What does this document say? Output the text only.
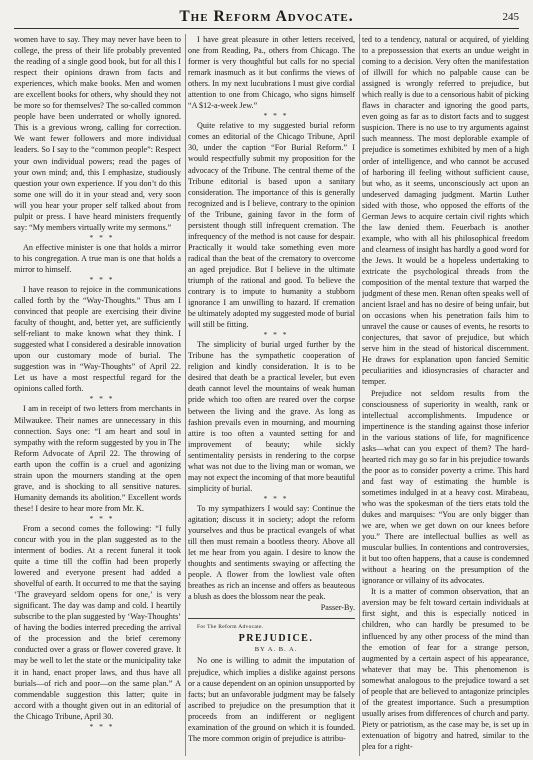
The Reform Advocate.	245

women have to say. They may never have been to college, the press of their life probably prevented the reading of a single good book, but for all this I respect their opinions drawn from facts and experiences, which make books. Men and women are excellent books for others, why should they not be more so for themselves? The so-called common people have been underrated or wholly ignored. This is a grevious wrong, calling for correction. We want fewer followers and more individual leaders. So I say to the “common people”: Respect your own individual powers; read the pages of your own mind; and, this I emphasize, studiously question your own experience. If you don’t do this some one will do it in your stead and, very soon will you hear your proper self talked about from pulpit or press. I have heard ministers frequently say: “My members virtually write my sermons.”

* * *

An effective minister is one that holds a mirror to his congregation. A true man is one that holds a mirror to himself.

* * *

I have reason to rejoice in the communications called forth by the “Way-Thoughts.” Thus am I convinced that people are exercising their divine faculty of thought, and, better yet, are sufficiently self-reliant to make known what they think. I suggested what I considered a desirable innovation upon our customary mode of burial. The suggestion was in “Way-Thoughts” of April 22. Let us have a most respectful regard for the opinions called forth.

* * *

I am in receipt of two letters from merchants in Milwaukee. Their names are unnecessary in this connection. Says one: “I am heart and soul in sympathy with the reform suggested by you in The Reform Advocate of April 22. The throwing of earth upon the coffin is a cruel and agonizing strain upon the mourners standing at the open grave, and is shocking to all sensitive natures. Humanity demands its abolition.” Excellent words these! I desire to hear more from Mr. K.

* * *

From a second comes the following: “I fully concur with you in the plan suggested as to the interment of bodies. At a recent funeral it took quite a time till the coffin had been properly lowered and everyone present had added a shovelful of earth. It occurred to me that the saying ‘The graveyard seldom opens for one,’ is very significant. The day was damp and cold. I heartily subscribe to the plan suggested by ‘Way-Thoughts’ of having the bodies interred preceding the arrival of the procession and the brief ceremony conducted over a grass or flower covered grave. It may be well to let the state or the municipality take it in hand, enact proper laws, and thus have all burials—of rich and poor—on the same plan.” A commendable suggestion this latter; quite in accord with a thought given out in an editorial of the Chicago Tribune, April 30.

* * *

I have great pleasure in other letters received, one from Reading, Pa., others from Chicago. The former is very thoughtful but calls for no special remark inasmuch as it but confirms the views of others. In my next lucubrations I must give cordial attention to one from Chicago, who signs himself “A $12-a-week Jew.”

* * *

Quite relative to my suggested burial reform comes an editorial of the Chicago Tribune, April 30, under the caption “For Burial Reform.” I would respectfully submit my proposition for the advocacy of the Tribune. The central theme of the Tribune editorial is based upon a sanitary consideration. The importance of this is generally recognized and is I believe, contrary to the opinion of the Tribune, gaining favor in the form of persistent though still infrequent cremation. The infrequency of the method is not cause for despair. Practically it would take something even more radical than the beat of the crematory to overcome an aged prejudice. But I believe in the ultimate triumph of the rational and good. To believe the contrary is to impute to humanity a stubborn ignorance I am unwilling to hazard. If cremation be ultimately adopted my suggested mode of burial will still be fitting.

* * *

The simplicity of burial urged further by the Tribune has the sympathetic cooperation of religion and kindly consideration. It is to be desired that death be a practical leveler, but even death cannot level the mountains of weak human pride which too often are reared over the corpse between the living and the grave. As long as fashion prevails even in mourning, and mourning attire is too often a vaunted setting for and improvement of beauty; while sickly sentimentality persists in rendering to the corpse what was not due to the living man or woman, we may not expect the incoming of that more beautiful simplicity of burial.

* * *

To my sympathizers I would say: Continue the agitation; discuss it in society; adopt the reform yourselves and thus be practical evangels of what till then must remain a bootless theory. Above all let me hear from you again. I desire to know the thoughts and sentiments swaying or affecting the people. A flower from the lowliest vale often breathes as rich an incense and offers as beauteous a blush as does the blossom near the peak.

Passer-By.

For The Reform Advocate.

PREJUDICE.

BY A. B. A.

No one is willing to admit the imputation of prejudice, which implies a dislike against persons or a cause dependent on an opinion unsupported by facts; but an unfavorable judgment may be falsely ascribed to prejudice on the presumption that it proceeds from an indifferent or negligent examination of the ground on which it is founded. The more common origin of prejudice is attribu-

ted to a tendency, natural or acquired, of yielding to a prepossession that exerts an undue weight in coming to a decision. Very often the manifestation of illwill for which no palpable cause can be assigned is wrongly referred to prejudice, but which really is due to a censorious habit of picking flaws in character and ignoring the good parts, even going as far as to distort facts and to suggest suspicion. There is no use to try arguments against such meanness. The most deplorable example of prejudice is sometimes exhibited by men of a high order of intelligence, and who cannot be accused of harboring ill feeling without sufficient cause, but who, as it seems, unconsciously act upon an undeserved damaging judgment. Martin Luther sided with those, who opposed the efforts of the German Jews to acquire certain civil rights which the law denied them. Feuerbach is another example, who with all his philosophical freedom and clearness of insight has hardly a good word for the Jews. It would be a hopeless undertaking to extricate the psychological threads from the composition of the mental texture that warped the judgment of these men. Renan often speaks well of ancient Israel and has no desire of being unfair, but on occasions when his penetration fails him to unravel the cause or causes of events, he resorts to conjectures, that savor of prejudice, but which serve him in the stead of historical discernment. He draws for explanation upon fancied Semitic peculiarities and idiosyncrasies of character and temper.

Prejudice not seldom results from the consciousness of superiority in wealth, rank or intellectual accomplishments. Impudence or impertinence is the standing against those inferior in the various stations of life, for magnificence asks—what can you expect of them? The hard-hearted rich may go so far in his prejudice towards the poor as to consider poverty a crime. This hard and fast way of estimating the humble is sometimes indulged in at a heavy cost. Mirabeau, who was the spokesman of the tiers etats told the dukes and marquises: “You are only bigger than we are, when we get down on our knees before you.” There are intellectual bullies as well as muscular bullies. In contentions and controversies, it but too often happens, that a cause is condemned without a hearing on the presumption of the ignorance or villainy of its advocates.

It is a matter of common observation, that an aversion may be felt toward certain individuals at first sight, and this is especially noticed in children, who can hardly be presumed to be influenced by any other process of the mind than the emotion of fear for a strange person, augmented by a certain aspect of his appearance, whatever that may be. This phenomenon is somewhat analogous to the prejudice toward a set of people that are believed to antagonize principles of the greatest importance. Such a presumption usually arises from differences of church and party. Piety or patriotism, as the case may be, is set up in extenuation of bigotry and hatred, similar to the plea for a right-
